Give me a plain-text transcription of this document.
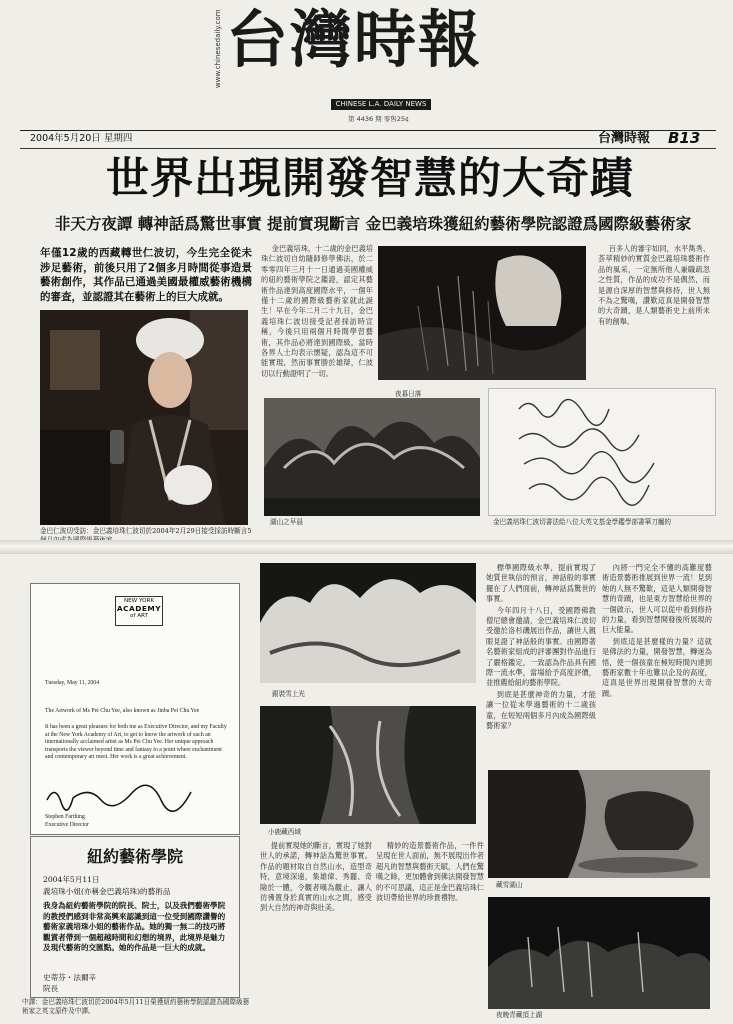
www.chinesedaily.com 台灣時報
CHINESE L.A. DAILY NEWS
第 4436 期 零售25¢
2004年5月20日 星期四	台灣時報 B13
世界出現開發智慧的大奇蹟
非天方夜譚 轉神話爲驚世事實 提前實現斷言 金巴義培珠獲紐約藝術學院認證爲國際級藝術家
年僅12歲的西藏轉世仁波切，今生完全從未涉足藝術，前後只用了2個多月時間從事造景藝術創作，其作品已通過美國最權威藝術機構的審查，並認證其在藝術上的巨大成就。
金巴仁波切受訪：金巴義培珠仁波切於2004年2月29日接受採訪時斷言5

金巴義培珠，十二歲的金巴義培珠仁波切自幼隨師修學佛法，於二零零四年三月十一日通過美國權威的紐約藝術學院之鑑證，認定其藝術作品達到高度國際水平，一個年僅十二歲的國際級藝術家就此誕生！早在今年二月二十九日，金巴義培珠仁波切接受記者採訪時宣稱，今後只用兩個月時間學習藝術，其作品必將達到國際級，當時各界人士均表示懷疑，認為這不可能實現，然而事實勝於雄辯，仁波切以行動證明了一切。

夜暮日落
湖山之早晨

百多人的審字如同，水平雋秀、荟萃精妙的實質金巴義培珠藝術作品的風采，一定無所他人兼職疏忽之性質，作品的成功不是偶然，而是源自深厚的智慧與修持，世人無不為之驚嘆，讚歎這真是開發智慧的大奇蹟，是人類藝術史上前所未有的創舉。

金巴義培珠仁波切書法給八位大英文基金學鑑學部書筆刀屬的
NEW YORK
ACADEMY
of ART
Tuesday, May 11, 2004
The Artwork of Ms Pei Chu Yee, also known as Jinba Pei Chu Yee
It has been a great pleasure for both me as Executive Director, and my Faculty at the New York Academy of Art, to get to know the artwork of such an internationally acclaimed artist as Ms Pei Chu Yee. Her unique approach transports the viewer beyond time and fantasy to a point where enchantment and contemporary art meet. Her work is a great achievement.
Stephen Farthing
Executive Director
紐約藝術學院
2004年5月11日
義培珠小姐(亦稱金巴義培珠)的藝術品
我身為紐約藝術學院的院長、院士，以及我們藝術學院的教授們感到非常高興來認識到這一位受到國際讚譽的藝術家義培珠小姐的藝術作品。她的獨一無二的技巧將觀賞者帶到一個超越時間和幻想的境界，此境界是魅力及現代藝術的交匯點。她的作品是一巨大的成就。
史蒂芬・法爾辛
院長
中譯：金巴義培珠仁波切於2004年5月11日榮獲紐約藝術學院認證為國際級藝術家之英文原件及中譯。
銀裝雪上光
小鹿藏西域

提前實現她的斷言，實現了她對世人的承諾，轉神話為驚世事實。作品的題材取自自然山水，造型奇特，意境深遠，集雄偉、秀麗、奇險於一體，令觀者嘆為觀止，讓人彷彿置身於真實的山水之間，感受到大自然的神奇與壯美。

精妙的造景藝術作品，一件件呈現在世人面前，無不展現出作者超凡的智慧與藝術天賦，人們在驚嘆之餘，更加體會到佛法開發智慧的不可思議，這正是金巴義培珠仁波切帶給世界的珍貴禮物。

標準國際級水準，提前實現了她質世執信的預言，神話般的事實擺在了人們面前，轉神話爲驚世的事實。

今年四月十八日，受國際佛教僧尼總會邀請，金巴義培珠仁波切受邀於洛杉磯展出作品，讓世人親眼見證了神話般的事實。由國際著名藝術家組成的評審團對作品進行了嚴格鑑定，一致認為作品具有國際一流水準，當場給予高度評價，並推薦給紐約藝術學院。

到底是甚麼神奇的力量，才能讓一位從未學過藝術的十二歲孩童，在短短兩個多月內成為國際級藝術家？

內將一門完全不懂的高難度藝術造景藝術推展到世界一流！見到她的人無不驚歎，這是人類開發智慧的奇蹟，也是東方智慧給世界的一個啟示，世人可以從中看到修持的力量，看到智慧開發後所展現的巨大能量。

到底這是甚麼樣的力量？這就是佛法的力量，開發智慧，轉迷為悟，使一個孩童在極短時間內達到藝術家數十年也難以企及的高度，這真是世界出現開發智慧的大奇蹟。

藏雪湖山
夜晚青藏頂上湖
